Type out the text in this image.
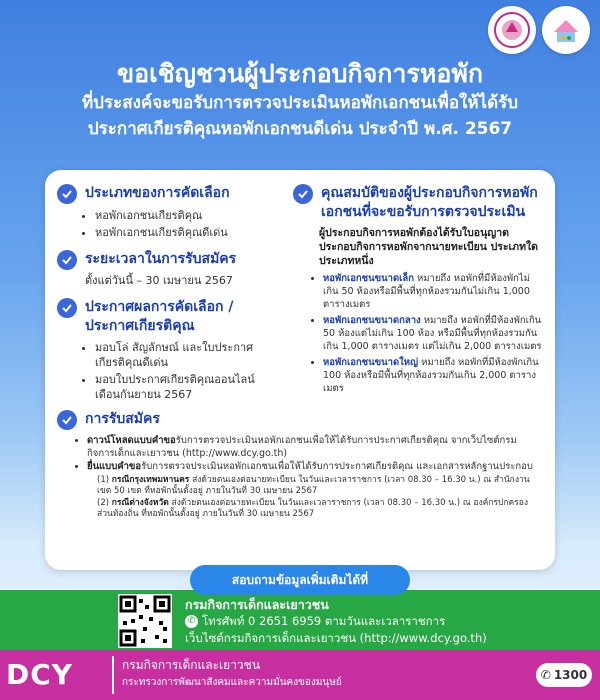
ขอเชิญชวนผู้ประกอบกิจการหอพัก
ที่ประสงค์จะขอรับการตรวจประเมินหอพักเอกชนเพื่อให้ได้รับ
ประกาศเกียรติคุณหอพักเอกชนดีเด่น ประจำปี พ.ศ. 2567
ประเภทของการคัดเลือก
• หอพักเอกชนเกียรติคุณ
• หอพักเอกชนเกียรติคุณดีเด่น
ระยะเวลาในการรับสมัคร
ตั้งแต่วันนี้ – 30 เมษายน 2567
ประกาศผลการคัดเลือก /ประกาศเกียรติคุณ
• มอบโล่ สัญลักษณ์ และใบประกาศเกียรติคุณดีเด่น
• มอบใบประกาศเกียรติคุณออนไลน์ เดือนกันยายน 2567
คุณสมบัติของผู้ประกอบกิจการหอพักเอกชนที่จะขอรับการตรวจประเมิน
ผู้ประกอบกิจการหอพักต้องได้รับใบอนุญาตประกอบกิจการหอพักจากนายทะเบียน ประเภทใดประเภทหนึ่ง
• หอพักเอกชนขนาดเล็ก หมายถึง หอพักที่มีห้องพักไม่เกิน 50 ห้องหรือมีพื้นที่ทุกห้องรวมกันไม่เกิน 1,000 ตารางเมตร
• หอพักเอกชนขนาดกลาง หมายถึง หอพักที่มีห้องพักเกิน 50 ห้องแต่ไม่เกิน 100 ห้อง หรือมีพื้นที่ทุกห้องรวมกันเกิน 1,000 ตารางเมตร แต่ไม่เกิน 2,000 ตารางเมตร
• หอพักเอกชนขนาดใหญ่ หมายถึง หอพักที่มีห้องพักเกิน 100 ห้องหรือมีพื้นที่ทุกห้องรวมกันเกิน 2,000 ตารางเมตร
การรับสมัคร
• ดาวน์โหลดแบบคำขอรับการตรวจประเมินหอพักเอกชนเพื่อให้ได้รับการประกาศเกียรติคุณ จากเว็บไซต์กรมกิจการเด็กและเยาวชน (http://www.dcy.go.th)
• ยื่นแบบคำขอรับการตรวจประเมินหอพักเอกชนเพื่อให้ได้รับการประกาศเกียรติคุณ และเอกสารหลักฐานประกอบ
(1) กรณีกรุงเทพมหานคร ส่งด้วยตนเองต่อนายทะเบียน ในวันและเวลาราชการ (เวลา 08.30 – 16.30 น.) ณ สำนักงานเขต 50 เขต ที่หอพักนั้นตั้งอยู่ ภายในวันที่ 30 เมษายน 2567
(2) กรณีต่างจังหวัด ส่งด้วยตนเองต่อนายทะเบียน ในวันและเวลาราชการ (เวลา 08.30 – 16.30 น.) ณ องค์กรปกครองส่วนท้องถิ่น ที่หอพักนั้นตั้งอยู่ ภายในวันที่ 30 เมษายน 2567
กรมกิจการเด็กและเยาวชน
✆ โทรศัพท์ 0 2651 6959 ตามวันและเวลาราชการ
เว็บไซต์กรมกิจการเด็กและเยาวชน (http://www.dcy.go.th)
สอบถามข้อมูลเพิ่มเติมได้ที่
DCY	กรมกิจการเด็กและเยาวชน
กระทรวงการพัฒนาสังคมและความมั่นคงของมนุษย์
✆ 1300
